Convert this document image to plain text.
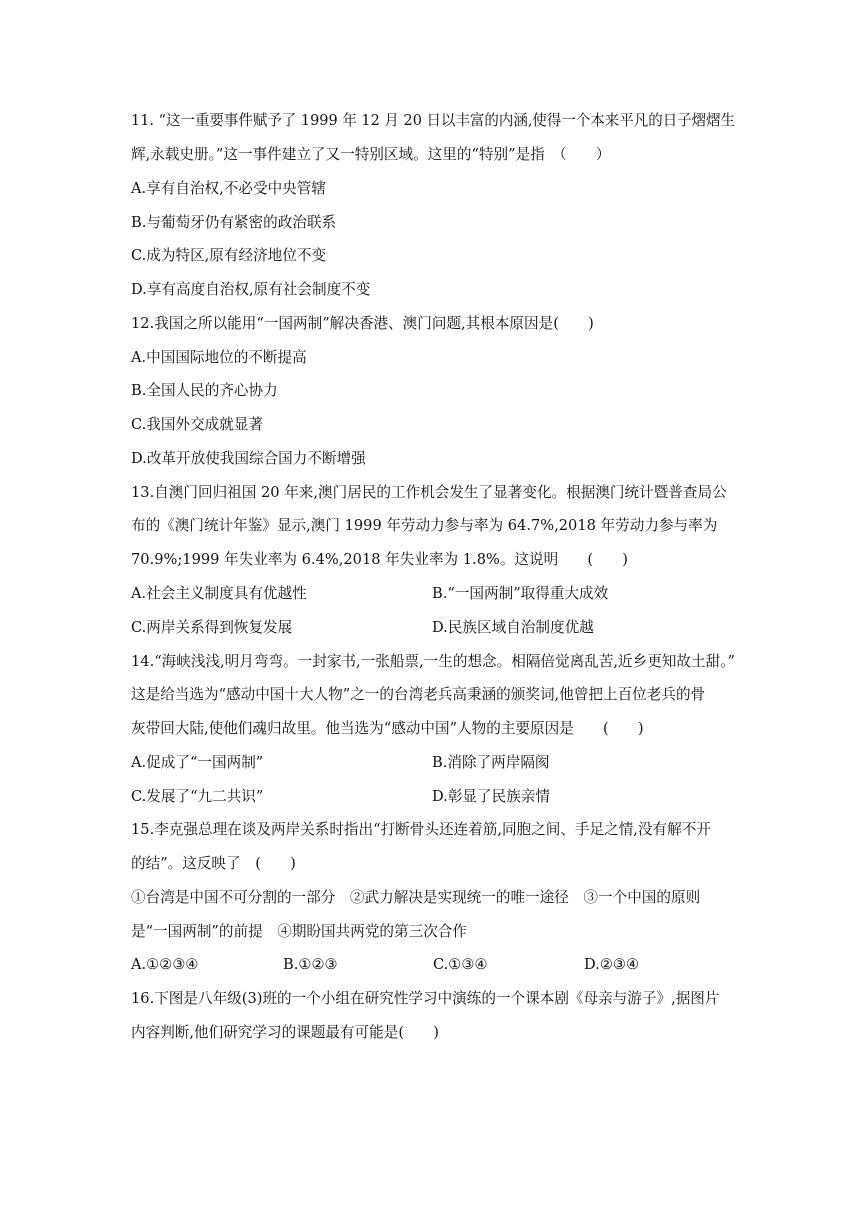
11. “这一重要事件赋予了 1999 年 12 月 20 日以丰富的内涵,使得一个本来平凡的日子熠熠生
辉,永载史册。”这一事件建立了又一特别区域。这里的“特别”是指　（　　）
A.享有自治权,不必受中央管辖
B.与葡萄牙仍有紧密的政治联系
C.成为特区,原有经济地位不变
D.享有高度自治权,原有社会制度不变
12.我国之所以能用“一国两制”解决香港、澳门问题,其根本原因是(　　)
A.中国国际地位的不断提高
B.全国人民的齐心协力
C.我国外交成就显著
D.改革开放使我国综合国力不断增强
13.自澳门回归祖国 20 年来,澳门居民的工作机会发生了显著变化。根据澳门统计暨普查局公
布的《澳门统计年鉴》显示,澳门 1999 年劳动力参与率为 64.7%,2018 年劳动力参与率为
70.9%;1999 年失业率为 6.4%,2018 年失业率为 1.8%。这说明　　(　　)
A.社会主义制度具有优越性	B.“一国两制”取得重大成效
C.两岸关系得到恢复发展	D.民族区域自治制度优越
14.“海峡浅浅,明月弯弯。一封家书,一张船票,一生的想念。相隔倍觉离乱苦,近乡更知故土甜。”
这是给当选为“感动中国十大人物”之一的台湾老兵高秉涵的颁奖词,他曾把上百位老兵的骨
灰带回大陆,使他们魂归故里。他当选为“感动中国”人物的主要原因是　　(　　)
A.促成了“一国两制”	B.消除了两岸隔阂
C.发展了“九二共识”	D.彰显了民族亲情
15.李克强总理在谈及两岸关系时指出“打断骨头还连着筋,同胞之间、手足之情,没有解不开
的结”。这反映了　(　　)
①台湾是中国不可分割的一部分　②武力解决是实现统一的唯一途径　③一个中国的原则
是“一国两制”的前提　④期盼国共两党的第三次合作
A.①②③④	B.①②③	C.①③④	D.②③④
16.下图是八年级(3)班的一个小组在研究性学习中演练的一个课本剧《母亲与游子》,据图片
内容判断,他们研究学习的课题最有可能是(　　)
